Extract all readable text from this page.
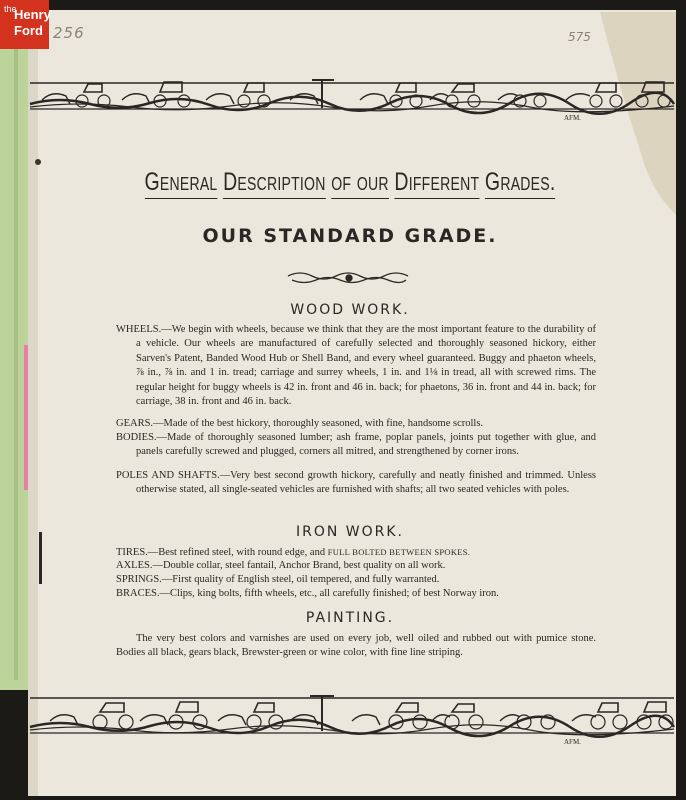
AFM.
AFM.
the
Henry
Ford 256	575
General Description of our Different Grades.
OUR STANDARD GRADE.
WOOD WORK.
WHEELS.—We begin with wheels, because we think that they are the most important feature to the durability of a vehicle. Our wheels are manufactured of carefully selected and thoroughly seasoned hickory, either Sarven's Patent, Banded Wood Hub or Shell Band, and every wheel guaranteed. Buggy and phaeton wheels, ⅞ in., ⅞ in. and 1 in. tread; carriage and surrey wheels, 1 in. and 1⅛ in tread, all with screwed rims. The regular height for buggy wheels is 42 in. front and 46 in. back; for phaetons, 36 in. front and 44 in. back; for carriage, 38 in. front and 46 in. back.
GEARS.—Made of the best hickory, thoroughly seasoned, with fine, handsome scrolls.
BODIES.—Made of thoroughly seasoned lumber; ash frame, poplar panels, joints put together with glue, and panels carefully screwed and plugged, corners all mitred, and strengthened by corner irons.
POLES AND SHAFTS.—Very best second growth hickory, carefully and neatly finished and trimmed. Unless otherwise stated, all single-seated vehicles are furnished with shafts; all two seated vehicles with poles.
IRON WORK.
TIRES.—Best refined steel, with round edge, and FULL BOLTED BETWEEN SPOKES.
AXLES.—Double collar, steel fantail, Anchor Brand, best quality on all work.
SPRINGS.—First quality of English steel, oil tempered, and fully warranted.
BRACES.—Clips, king bolts, fifth wheels, etc., all carefully finished; of best Norway iron.
PAINTING.
The very best colors and varnishes are used on every job, well oiled and rubbed out with pumice stone. Bodies all black, gears black, Brewster-green or wine color, with fine line striping.
